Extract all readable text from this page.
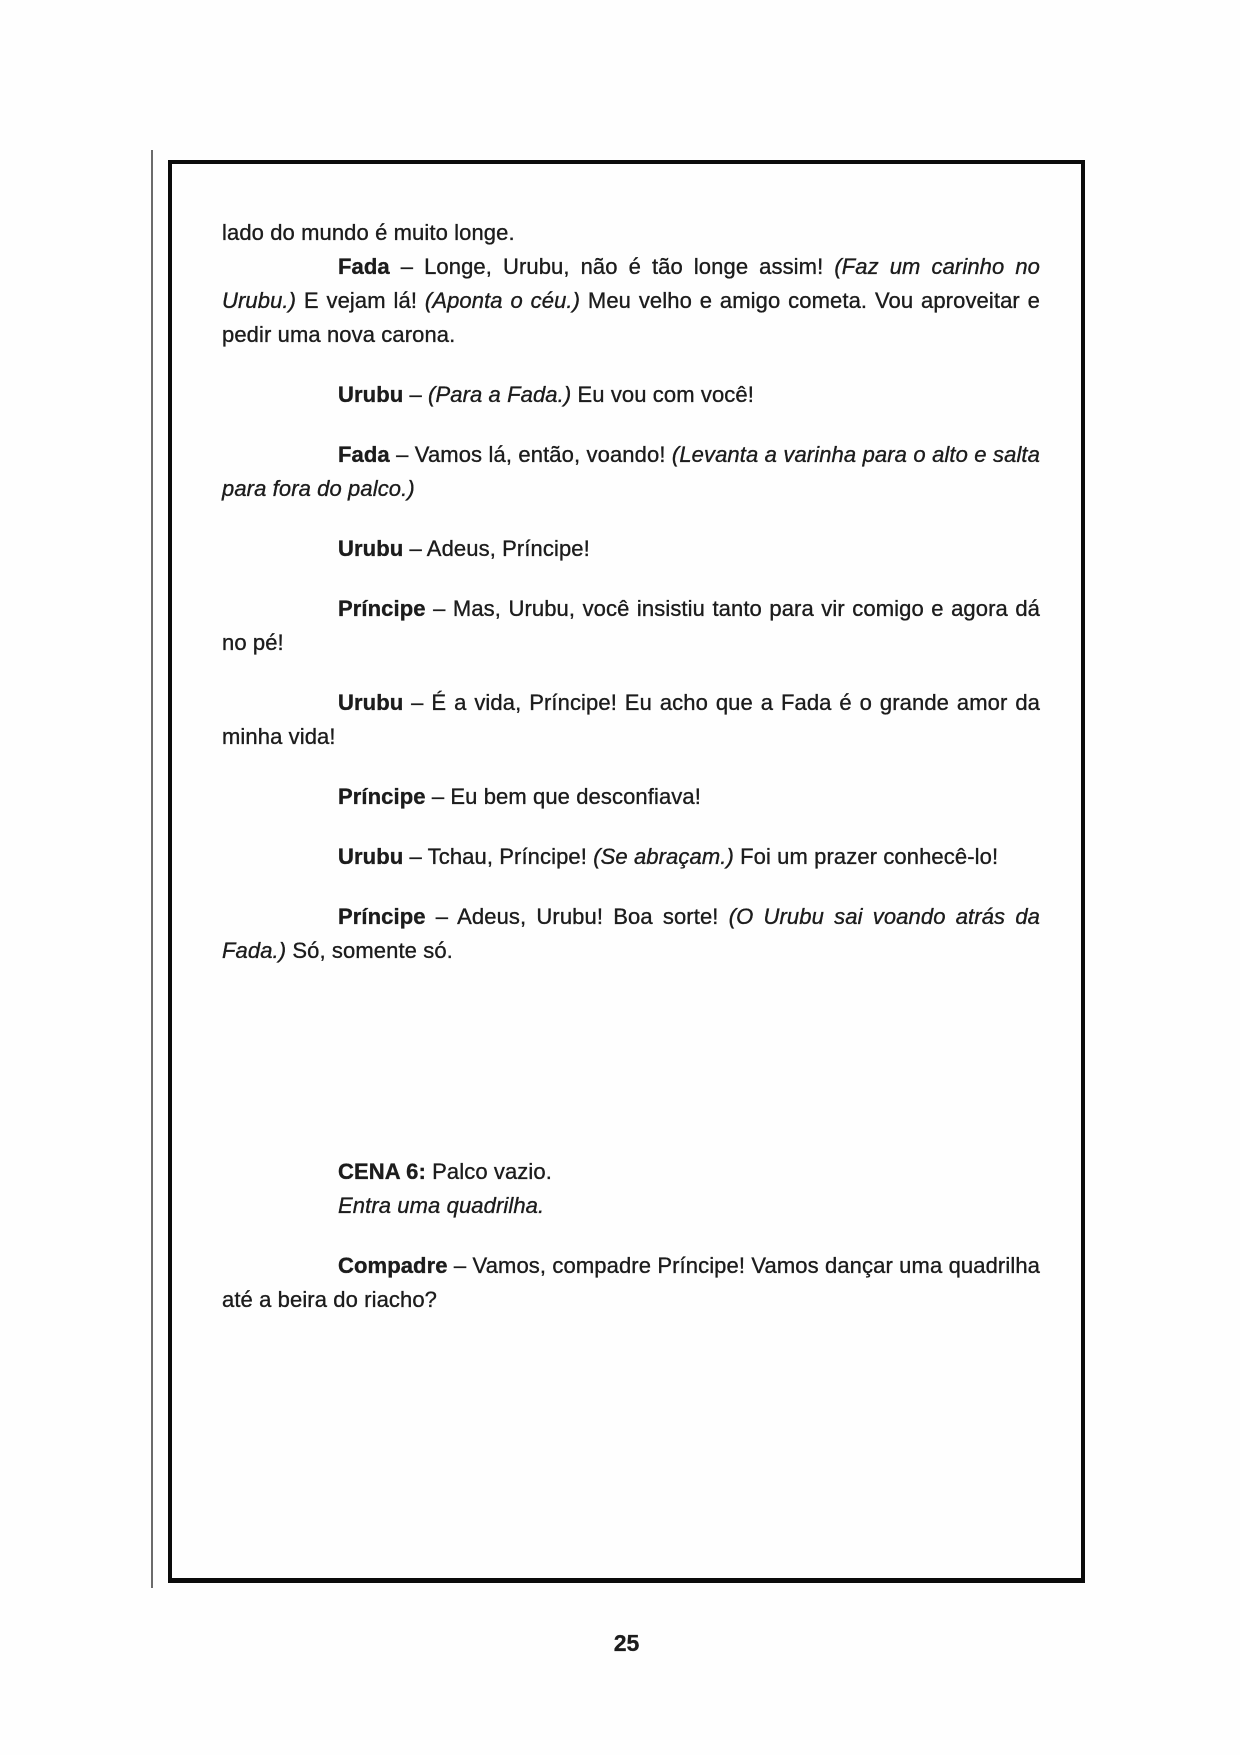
lado do mundo é muito longe.

Fada – Longe, Urubu, não é tão longe assim! (Faz um carinho no Urubu.) E vejam lá! (Aponta o céu.) Meu velho e amigo cometa. Vou aproveitar e pedir uma nova carona.

Urubu – (Para a Fada.) Eu vou com você!

Fada – Vamos lá, então, voando! (Levanta a varinha para o alto e salta para fora do palco.)

Urubu – Adeus, Príncipe!

Príncipe – Mas, Urubu, você insistiu tanto para vir comigo e agora dá no pé!

Urubu – É a vida, Príncipe! Eu acho que a Fada é o grande amor da minha vida!

Príncipe – Eu bem que desconfiava!

Urubu – Tchau, Príncipe! (Se abraçam.) Foi um prazer conhecê-lo!

Príncipe – Adeus, Urubu! Boa sorte! (O Urubu sai voando atrás da Fada.) Só, somente só.

CENA 6: Palco vazio.

Entra uma quadrilha.

Compadre – Vamos, compadre Príncipe! Vamos dançar uma quadrilha até a beira do riacho?

25
